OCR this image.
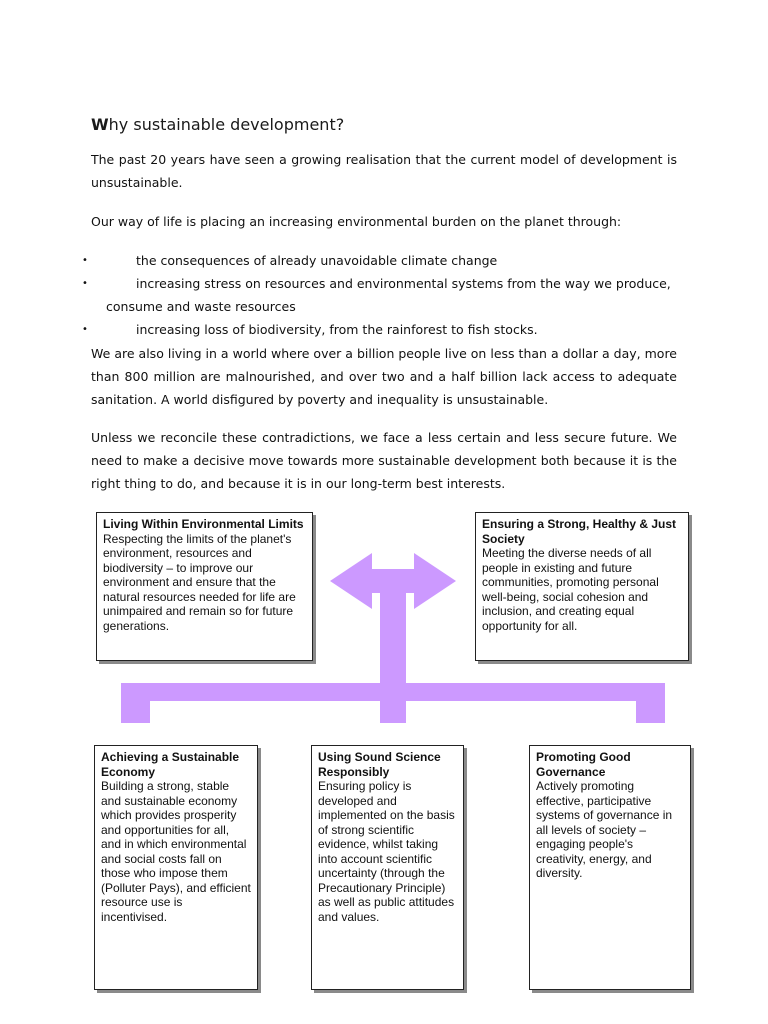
Why sustainable development?

The past 20 years have seen a growing realisation that the current model of development is unsustainable.

Our way of life is placing an increasing environmental burden on the planet through:

•	the consequences of already unavoidable climate change
•	increasing stress on resources and environmental systems from the way we produce,
consume and waste resources
•	increasing loss of biodiversity, from the rainforest to fish stocks.

We are also living in a world where over a billion people live on less than a dollar a day, more than 800 million are malnourished, and over two and a half billion lack access to adequate sanitation. A world disfigured by poverty and inequality is unsustainable.

Unless we reconcile these contradictions, we face a less certain and less secure future. We need to make a decisive move towards more sustainable development both because it is the right thing to do, and because it is in our long-term best interests.

Living Within Environmental Limits
Respecting the limits of the planet's environment, resources and biodiversity – to improve our environment and ensure that the natural resources needed for life are unimpaired and remain so for future generations.
Ensuring a Strong, Healthy & Just Society
Meeting the diverse needs of all people in existing and future communities, promoting personal well-being, social cohesion and inclusion, and creating equal opportunity for all.
Achieving a Sustainable Economy
Building a strong, stable and sustainable economy which provides prosperity and opportunities for all, and in which environmental and social costs fall on those who impose them (Polluter Pays), and efficient resource use is incentivised.
Using Sound Science Responsibly
Ensuring policy is developed and implemented on the basis of strong scientific evidence, whilst taking into account scientific uncertainty (through the Precautionary Principle) as well as public attitudes and values.
Promoting Good Governance
Actively promoting effective, participative systems of governance in all levels of society – engaging people's creativity, energy, and diversity.
